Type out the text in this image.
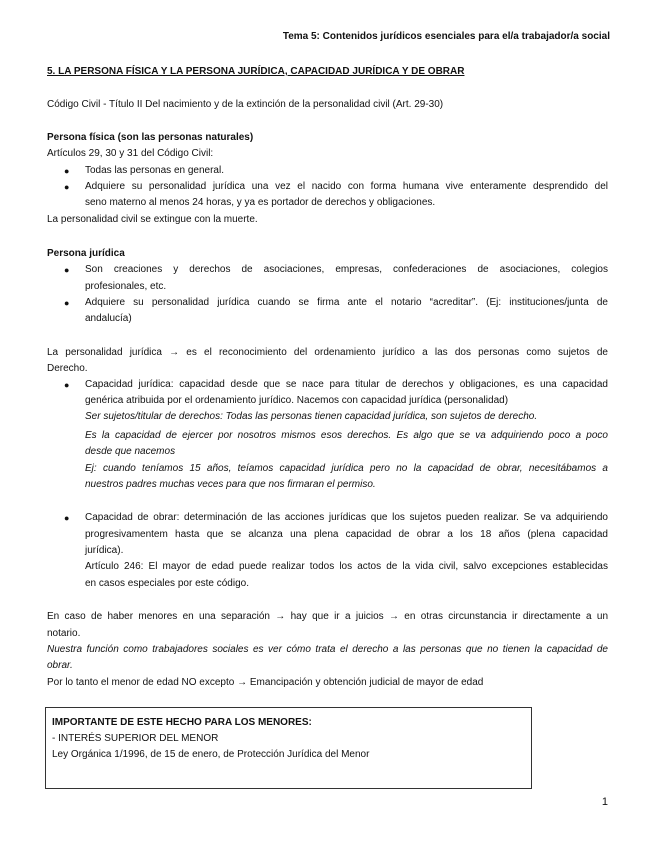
Tema 5: Contenidos jurídicos esenciales para el/a trabajador/a social
5. LA PERSONA FÍSICA Y LA PERSONA JURÍDICA, CAPACIDAD JURÍDICA Y DE OBRAR
Código Civil - Título II Del nacimiento y de la extinción de la personalidad civil (Art. 29-30)
Persona física (son las personas naturales)
Artículos 29, 30 y 31 del Código Civil:
● Todas las personas en general.
● Adquiere su personalidad jurídica una vez el nacido con forma humana vive enteramente desprendido del
seno materno al menos 24 horas, y ya es portador de derechos y obligaciones.
La personalidad civil se extingue con la muerte.
Persona jurídica
● Son creaciones y derechos de asociaciones, empresas, confederaciones de asociaciones, colegios
profesionales, etc.
● Adquiere su personalidad jurídica cuando se firma ante el notario “acreditar”. (Ej: instituciones/junta de
andalucía)
La personalidad jurídica → es el reconocimiento del ordenamiento jurídico a las dos personas como sujetos de
Derecho.
● Capacidad jurídica: capacidad desde que se nace para titular de derechos y obligaciones, es una capacidad
genérica atribuida por el ordenamiento jurídico. Nacemos con capacidad jurídica (personalidad)
Ser sujetos/titular de derechos: Todas las personas tienen capacidad jurídica, son sujetos de derecho.
Es la capacidad de ejercer por nosotros mismos esos derechos. Es algo que se va adquiriendo poco a poco
desde que nacemos
Ej: cuando teníamos 15 años, teíamos capacidad jurídica pero no la capacidad de obrar, necesitábamos a
nuestros padres muchas veces para que nos firmaran el permiso.
● Capacidad de obrar: determinación de las acciones jurídicas que los sujetos pueden realizar. Se va adquiriendo
progresivamentem hasta que se alcanza una plena capacidad de obrar a los 18 años (plena capacidad
jurídica).
Artículo 246: El mayor de edad puede realizar todos los actos de la vida civil, salvo excepciones establecidas
en casos especiales por este código.
En caso de haber menores en una separación → hay que ir a juicios → en otras circunstancia ir directamente a un
notario.
Nuestra función como trabajadores sociales es ver cómo trata el derecho a las personas que no tienen la capacidad de
obrar.
Por lo tanto el menor de edad NO excepto → Emancipación y obtención judicial de mayor de edad
IMPORTANTE DE ESTE HECHO PARA LOS MENORES:
- INTERÉS SUPERIOR DEL MENOR
Ley Orgánica 1/1996, de 15 de enero, de Protección Jurídica del Menor
1
